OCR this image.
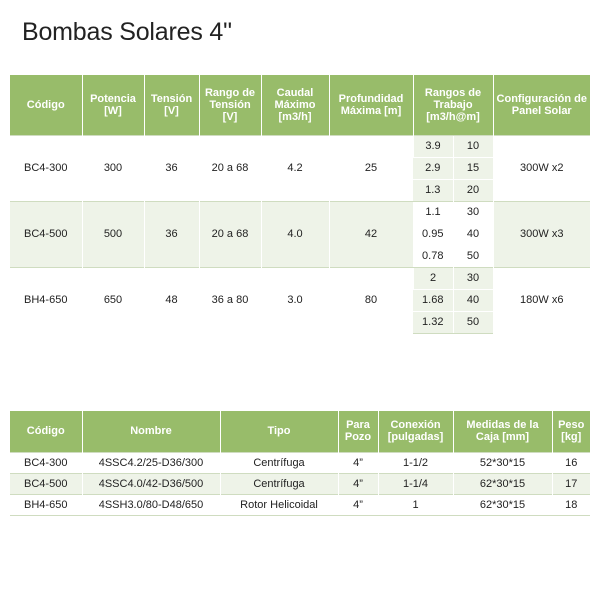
Bombas Solares 4"
Código	Potencia [W]	Tensión [V]	Rango de Tensión [V]	Caudal Máximo [m3/h]	Profundidad Máxima [m]	Rangos de Trabajo [m3/h@m]		Configuración de Panel Solar
BC4-300	300	36	20 a 68	4.2	25	3.9	10	300W x2
						2.9	15	
						1.3	20	
BC4-500	500	36	20 a 68	4.0	42	1.1	30	300W x3
						0.95	40	
						0.78	50	
BH4-650	650	48	36 a 80	3.0	80	2	30	180W x6
						1.68	40	
						1.32	50	
Código	Nombre	Tipo	Para Pozo	Conexión [pulgadas]	Medidas de la Caja [mm]	Peso [kg]
BC4-300	4SSC4.2/25-D36/300	Centrífuga	4”	1-1/2	52*30*15	16
BC4-500	4SSC4.0/42-D36/500	Centrífuga	4”	1-1/4	62*30*15	17
BH4-650	4SSH3.0/80-D48/650	Rotor Helicoidal	4”	1	62*30*15	18
